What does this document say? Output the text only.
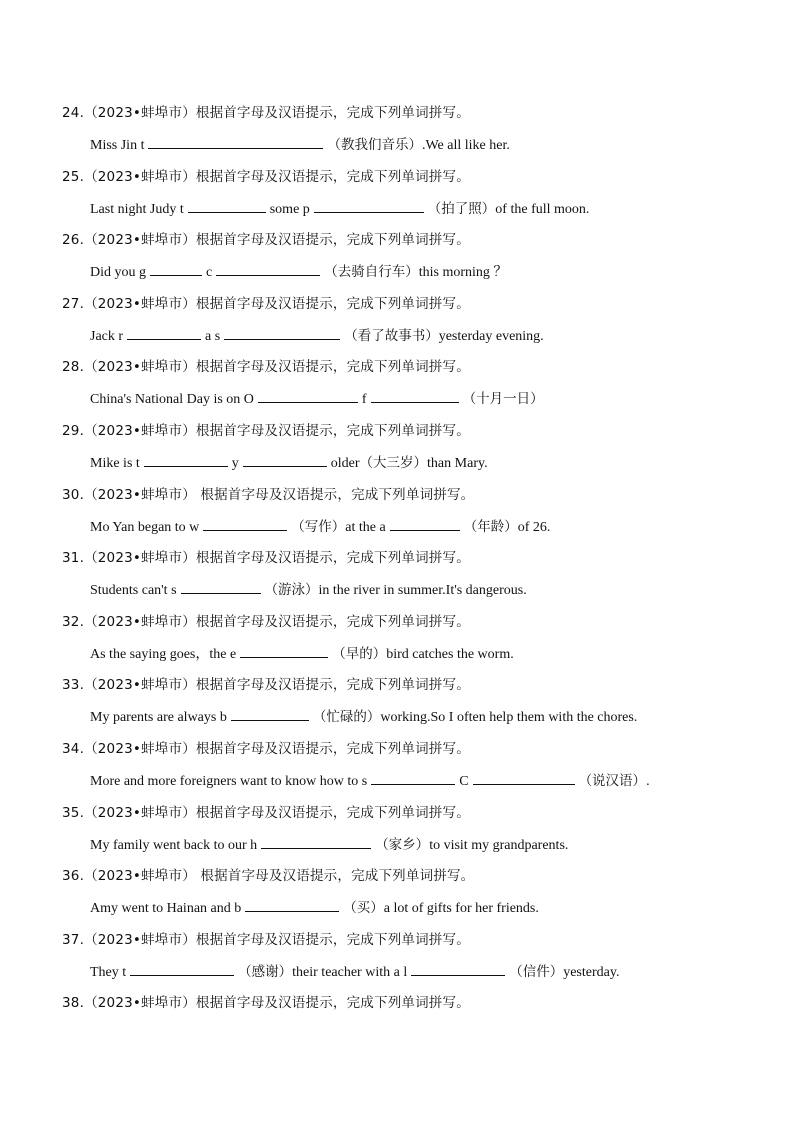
24.（2023•蚌埠市）根据首字母及汉语提示，完成下列单词拼写。
Miss Jin t	（教我们音乐）.We all like her.
25.（2023•蚌埠市）根据首字母及汉语提示，完成下列单词拼写。
Last night Judy t	some p	（拍了照）of the full moon.
26.（2023•蚌埠市）根据首字母及汉语提示，完成下列单词拼写。
Did you g	c	（去骑自行车）this morning ？
27.（2023•蚌埠市）根据首字母及汉语提示，完成下列单词拼写。
Jack r	a s	（看了故事书）yesterday evening.
28.（2023•蚌埠市）根据首字母及汉语提示，完成下列单词拼写。
China's National Day is on O	f	（十月一日）
29.（2023•蚌埠市）根据首字母及汉语提示，完成下列单词拼写。
Mike is t	y	older（大三岁）than Mary.
30.（2023•蚌埠市） 根据首字母及汉语提示，完成下列单词拼写。
Mo Yan began to w	（写作）at the a	（年龄）of 26.
31.（2023•蚌埠市）根据首字母及汉语提示，完成下列单词拼写。
Students can't s	（游泳）in the river in summer.It's dangerous.
32.（2023•蚌埠市）根据首字母及汉语提示，完成下列单词拼写。
As the saying goes，the e	（早的）bird catches the worm.
33.（2023•蚌埠市）根据首字母及汉语提示，完成下列单词拼写。
My parents are always b	（忙碌的）working.So I often help them with the chores.
34.（2023•蚌埠市）根据首字母及汉语提示，完成下列单词拼写。
More and more foreigners want to know how to s	C	（说汉语）.
35.（2023•蚌埠市）根据首字母及汉语提示，完成下列单词拼写。
My family went back to our h	（家乡）to visit my grandparents.
36.（2023•蚌埠市） 根据首字母及汉语提示，完成下列单词拼写。
Amy went to Hainan and b	（买）a lot of gifts for her friends.
37.（2023•蚌埠市）根据首字母及汉语提示，完成下列单词拼写。
They t	（感谢）their teacher with a l	（信件）yesterday.
38.（2023•蚌埠市）根据首字母及汉语提示，完成下列单词拼写。
